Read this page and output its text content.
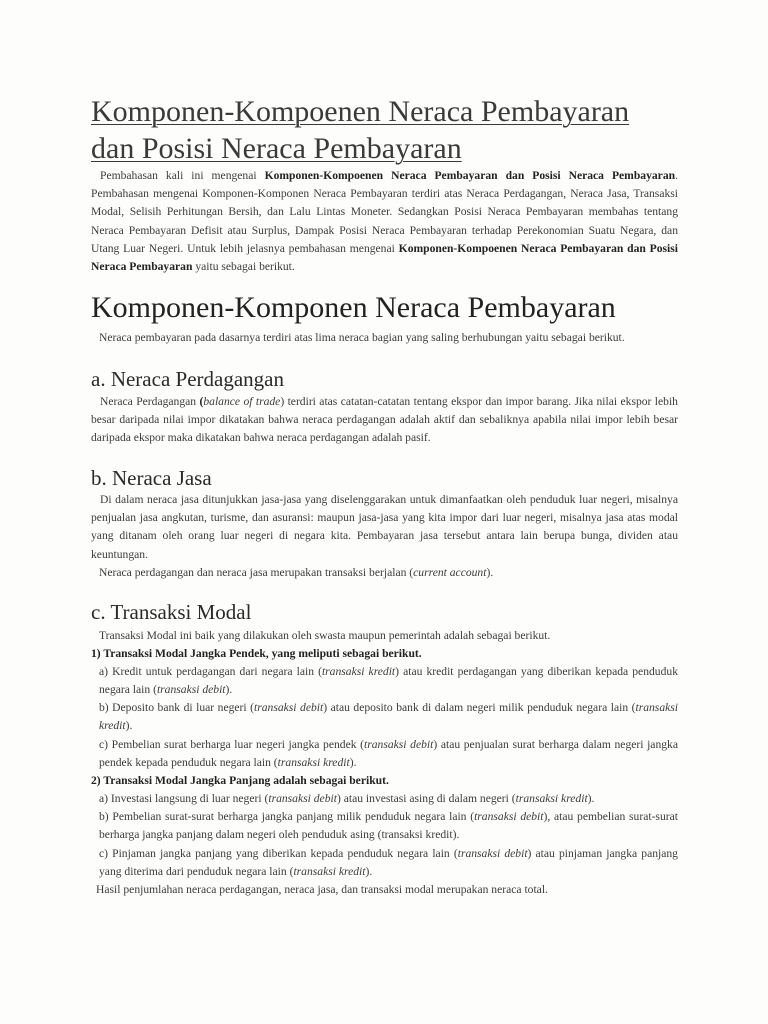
Komponen-Kompoenen Neraca Pembayaran
dan Posisi Neraca Pembayaran

Pembahasan kali ini mengenai Komponen-Kompoenen Neraca Pembayaran dan Posisi Neraca Pembayaran. Pembahasan mengenai Komponen-Komponen Neraca Pembayaran terdiri atas Neraca Perdagangan, Neraca Jasa, Transaksi Modal, Selisih Perhitungan Bersih, dan Lalu Lintas Moneter. Sedangkan Posisi Neraca Pembayaran membahas tentang Neraca Pembayaran Defisit atau Surplus, Dampak Posisi Neraca Pembayaran terhadap Perekonomian Suatu Negara, dan Utang Luar Negeri. Untuk lebih jelasnya pembahasan mengenai Komponen-Kompoenen Neraca Pembayaran dan Posisi Neraca Pembayaran yaitu sebagai berikut.

Komponen-Komponen Neraca Pembayaran

Neraca pembayaran pada dasarnya terdiri atas lima neraca bagian yang saling berhubungan yaitu sebagai berikut.

a. Neraca Perdagangan

Neraca Perdagangan (balance of trade) terdiri atas catatan-catatan tentang ekspor dan impor barang. Jika nilai ekspor lebih besar daripada nilai impor dikatakan bahwa neraca perdagangan adalah aktif dan sebaliknya apabila nilai impor lebih besar daripada ekspor maka dikatakan bahwa neraca perdagangan adalah pasif.

b. Neraca Jasa

Di dalam neraca jasa ditunjukkan jasa-jasa yang diselenggarakan untuk dimanfaatkan oleh penduduk luar negeri, misalnya penjualan jasa angkutan, turisme, dan asuransi: maupun jasa-jasa yang kita impor dari luar negeri, misalnya jasa atas modal yang ditanam oleh orang luar negeri di negara kita. Pembayaran jasa tersebut antara lain berupa bunga, dividen atau keuntungan.

Neraca perdagangan dan neraca jasa merupakan transaksi berjalan (current account).

c. Transaksi Modal

Transaksi Modal ini baik yang dilakukan oleh swasta maupun pemerintah adalah sebagai berikut.

1) Transaksi Modal Jangka Pendek, yang meliputi sebagai berikut.

a) Kredit untuk perdagangan dari negara lain (transaksi kredit) atau kredit perdagangan yang diberikan kepada penduduk negara lain (transaksi debit).

b) Deposito bank di luar negeri (transaksi debit) atau deposito bank di dalam negeri milik penduduk negara lain (transaksi kredit).

c) Pembelian surat berharga luar negeri jangka pendek (transaksi debit) atau penjualan surat berharga dalam negeri jangka pendek kepada penduduk negara lain (transaksi kredit).

2) Transaksi Modal Jangka Panjang adalah sebagai berikut.

a) Investasi langsung di luar negeri (transaksi debit) atau investasi asing di dalam negeri (transaksi kredit).

b) Pembelian surat-surat berharga jangka panjang milik penduduk negara lain (transaksi debit), atau pembelian surat-surat berharga jangka panjang dalam negeri oleh penduduk asing (transaksi kredit).

c) Pinjaman jangka panjang yang diberikan kepada penduduk negara lain (transaksi debit) atau pinjaman jangka panjang yang diterima dari penduduk negara lain (transaksi kredit).

Hasil penjumlahan neraca perdagangan, neraca jasa, dan transaksi modal merupakan neraca total.
